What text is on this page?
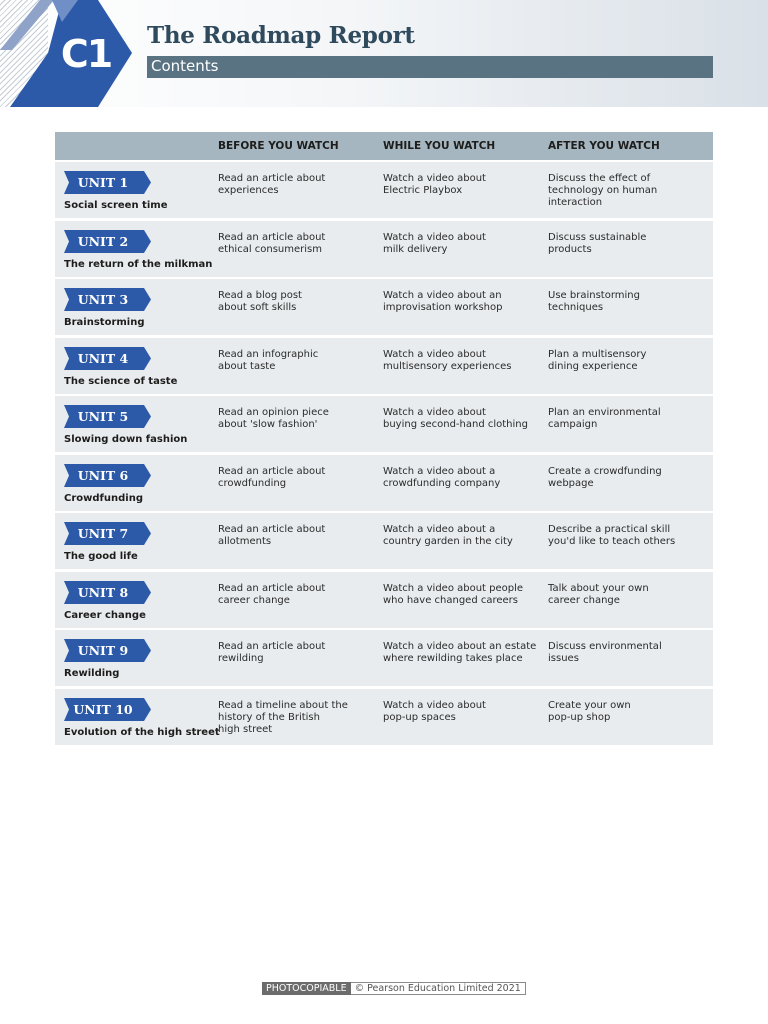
C1 The Roadmap Report
Contents
BEFORE YOU WATCH	WHILE YOU WATCH	AFTER YOU WATCH
UNIT 1
Social screen time
Read an article about
experiences
Watch a video about
Electric Playbox
Discuss the effect of
technology on human
interaction
UNIT 2
The return of the milkman
Read an article about
ethical consumerism
Watch a video about
milk delivery
Discuss sustainable
products
UNIT 3
Brainstorming
Read a blog post
about soft skills
Watch a video about an
improvisation workshop
Use brainstorming
techniques
UNIT 4
The science of taste
Read an infographic
about taste
Watch a video about
multisensory experiences
Plan a multisensory
dining experience
UNIT 5
Slowing down fashion
Read an opinion piece
about 'slow fashion'
Watch a video about
buying second-hand clothing
Plan an environmental
campaign
UNIT 6
Crowdfunding
Read an article about
crowdfunding
Watch a video about a
crowdfunding company
Create a crowdfunding
webpage
UNIT 7
The good life
Read an article about
allotments
Watch a video about a
country garden in the city
Describe a practical skill
you'd like to teach others
UNIT 8
Career change
Read an article about
career change
Watch a video about people
who have changed careers
Talk about your own
career change
UNIT 9
Rewilding
Read an article about
rewilding
Watch a video about an estate
where rewilding takes place
Discuss environmental
issues
UNIT 10
Evolution of the high street
Read a timeline about the
history of the British
high street
Watch a video about
pop-up spaces
Create your own
pop-up shop
PHOTOCOPIABLE © Pearson Education Limited 2021
